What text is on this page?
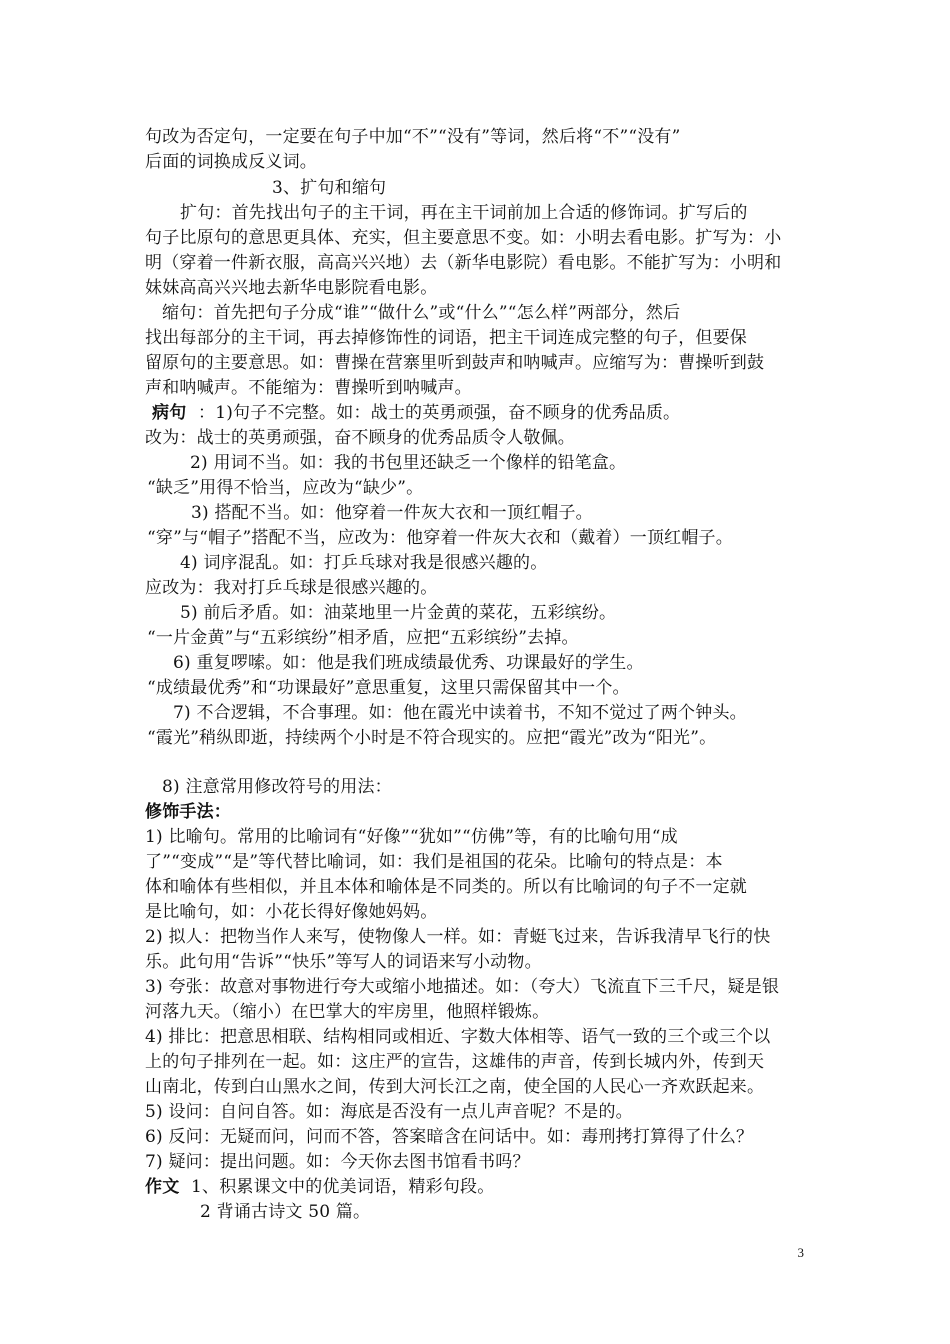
句改为否定句，一定要在句子中加“不”“没有”等词，然后将“不”“没有”
后面的词换成反义词。
3、扩句和缩句
扩句：首先找出句子的主干词，再在主干词前加上合适的修饰词。扩写后的
句子比原句的意思更具体、充实，但主要意思不变。如：小明去看电影。扩写为：小
明（穿着一件新衣服，高高兴兴地）去（新华电影院）看电影。不能扩写为：小明和
妹妹高高兴兴地去新华电影院看电影。
缩句：首先把句子分成“谁”“做什么”或“什么”“怎么样”两部分，然后
找出每部分的主干词，再去掉修饰性的词语，把主干词连成完整的句子，但要保
留原句的主要意思。如：曹操在营寨里听到鼓声和呐喊声。应缩写为：曹操听到鼓
声和呐喊声。不能缩为：曹操听到呐喊声。
病句 ：1)句子不完整。如：战士的英勇顽强，奋不顾身的优秀品质。
改为：战士的英勇顽强，奋不顾身的优秀品质令人敬佩。
2) 用词不当。如：我的书包里还缺乏一个像样的铅笔盒。
“缺乏”用得不恰当，应改为“缺少”。
3) 搭配不当。如：他穿着一件灰大衣和一顶红帽子。
“穿”与“帽子”搭配不当，应改为：他穿着一件灰大衣和（戴着）一顶红帽子。
4) 词序混乱。如：打乒乓球对我是很感兴趣的。
应改为：我对打乒乓球是很感兴趣的。
5) 前后矛盾。如：油菜地里一片金黄的菜花，五彩缤纷。
“一片金黄”与“五彩缤纷”相矛盾，应把“五彩缤纷”去掉。
6) 重复啰嗦。如：他是我们班成绩最优秀、功课最好的学生。
“成绩最优秀”和“功课最好”意思重复，这里只需保留其中一个。
7) 不合逻辑，不合事理。如：他在霞光中读着书，不知不觉过了两个钟头。
“霞光”稍纵即逝，持续两个小时是不符合现实的。应把“霞光”改为“阳光”。
8) 注意常用修改符号的用法：
修饰手法：
1) 比喻句。常用的比喻词有“好像”“犹如”“仿佛”等，有的比喻句用“成
了”“变成”“是”等代替比喻词，如：我们是祖国的花朵。比喻句的特点是：本
体和喻体有些相似，并且本体和喻体是不同类的。所以有比喻词的句子不一定就
是比喻句，如：小花长得好像她妈妈。
2) 拟人：把物当作人来写，使物像人一样。如：青蜓飞过来，告诉我清早飞行的快
乐。此句用“告诉”“快乐”等写人的词语来写小动物。
3) 夸张：故意对事物进行夸大或缩小地描述。如：（夸大）飞流直下三千尺，疑是银
河落九天。（缩小）在巴掌大的牢房里，他照样锻炼。
4) 排比：把意思相联、结构相同或相近、字数大体相等、语气一致的三个或三个以
上的句子排列在一起。如：这庄严的宣告，这雄伟的声音，传到长城内外，传到天
山南北，传到白山黑水之间，传到大河长江之南，使全国的人民心一齐欢跃起来。
5) 设问：自问自答。如：海底是否没有一点儿声音呢？不是的。
6) 反问：无疑而问，问而不答，答案暗含在问话中。如：毒刑拷打算得了什么？
7) 疑问：提出问题。如：今天你去图书馆看书吗？
作文 1、积累课文中的优美词语，精彩句段。
2 背诵古诗文 50 篇。
3
